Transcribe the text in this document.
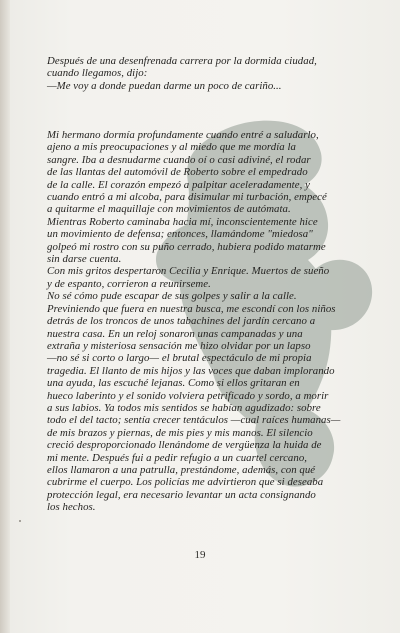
Después de una desenfrenada carrera por la dormida ciudad,
cuando llegamos, dijo:
—Me voy a donde puedan darme un poco de cariño...

Mi hermano dormía profundamente cuando entré a saludarlo,
ajeno a mis preocupaciones y al miedo que me mordía la
sangre. Iba a desnudarme cuando oí o casi adiviné, el rodar
de las llantas del automóvil de Roberto sobre el empedrado
de la calle. El corazón empezó a palpitar aceleradamente, y
cuando entró a mi alcoba, para disimular mi turbación, empecé
a quitarme el maquillaje con movimientos de autómata.
Mientras Roberto caminaba hacia mí, inconscientemente hice
un movimiento de defensa; entonces, llamándome "miedosa"
golpeó mi rostro con su puño cerrado, hubiera podido matarme
sin darse cuenta.
Con mis gritos despertaron Cecilia y Enrique. Muertos de sueño
y de espanto, corrieron a reunirseme.
No sé cómo pude escapar de sus golpes y salir a la calle.
Previniendo que fuera en nuestra busca, me escondí con los niños
detrás de los troncos de unos tabachines del jardín cercano a
nuestra casa. En un reloj sonaron unas campanadas y una
extraña y misteriosa sensación me hizo olvidar por un lapso
—no sé si corto o largo— el brutal espectáculo de mi propia
tragedia. El llanto de mis hijos y las voces que daban implorando
una ayuda, las escuché lejanas. Como si ellos gritaran en
hueco laberinto y el sonido volviera petrificado y sordo, a morir
a sus labios. Ya todos mis sentidos se habían agudizado: sobre
todo el del tacto; sentía crecer tentáculos —cual raíces humanas—
de mis brazos y piernas, de mis pies y mis manos. El silencio
creció desproporcionado llenándome de vergüenza la huida de
mi mente. Después fui a pedir refugio a un cuartel cercano,
ellos llamaron a una patrulla, prestándome, además, con qué
cubrirme el cuerpo. Los policías me advirtieron que si deseaba
protección legal, era necesario levantar un acta consignando
los hechos.

19
